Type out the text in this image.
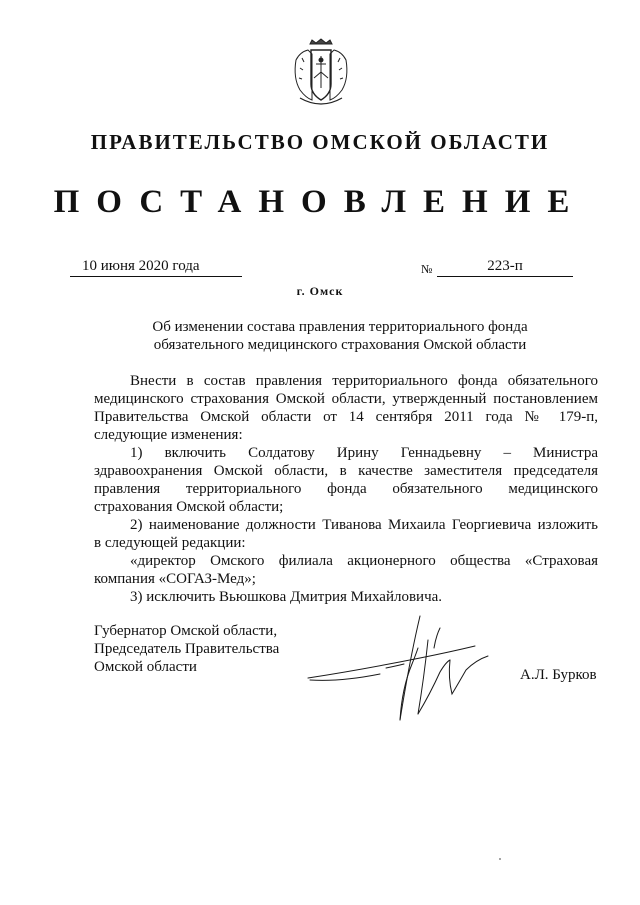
ПРАВИТЕЛЬСТВО ОМСКОЙ ОБЛАСТИ
ПОСТАНОВЛЕНИЕ
10 июня 2020 года	№	223-п
г. Омск
Об изменении состава правления территориального фонда
обязательного медицинского страхования Омской области
Внести в состав правления территориального фонда обязательного
медицинского страхования Омской области, утвержденный постановлением
Правительства Омской области от 14 сентября 2011 года № 179-п,
следующие изменения:
1) включить Солдатову Ирину Геннадьевну – Министра
здравоохранения Омской области, в качестве заместителя председателя
правления территориального фонда обязательного медицинского
страхования Омской области;
2) наименование должности Тиванова Михаила Георгиевича изложить
в следующей редакции:
«директор Омского филиала акционерного общества «Страховая
компания «СОГАЗ-Мед»;
3) исключить Вьюшкова Дмитрия Михайловича.
Губернатор Омской области,
Председатель Правительства
Омской области	А.Л. Бурков
